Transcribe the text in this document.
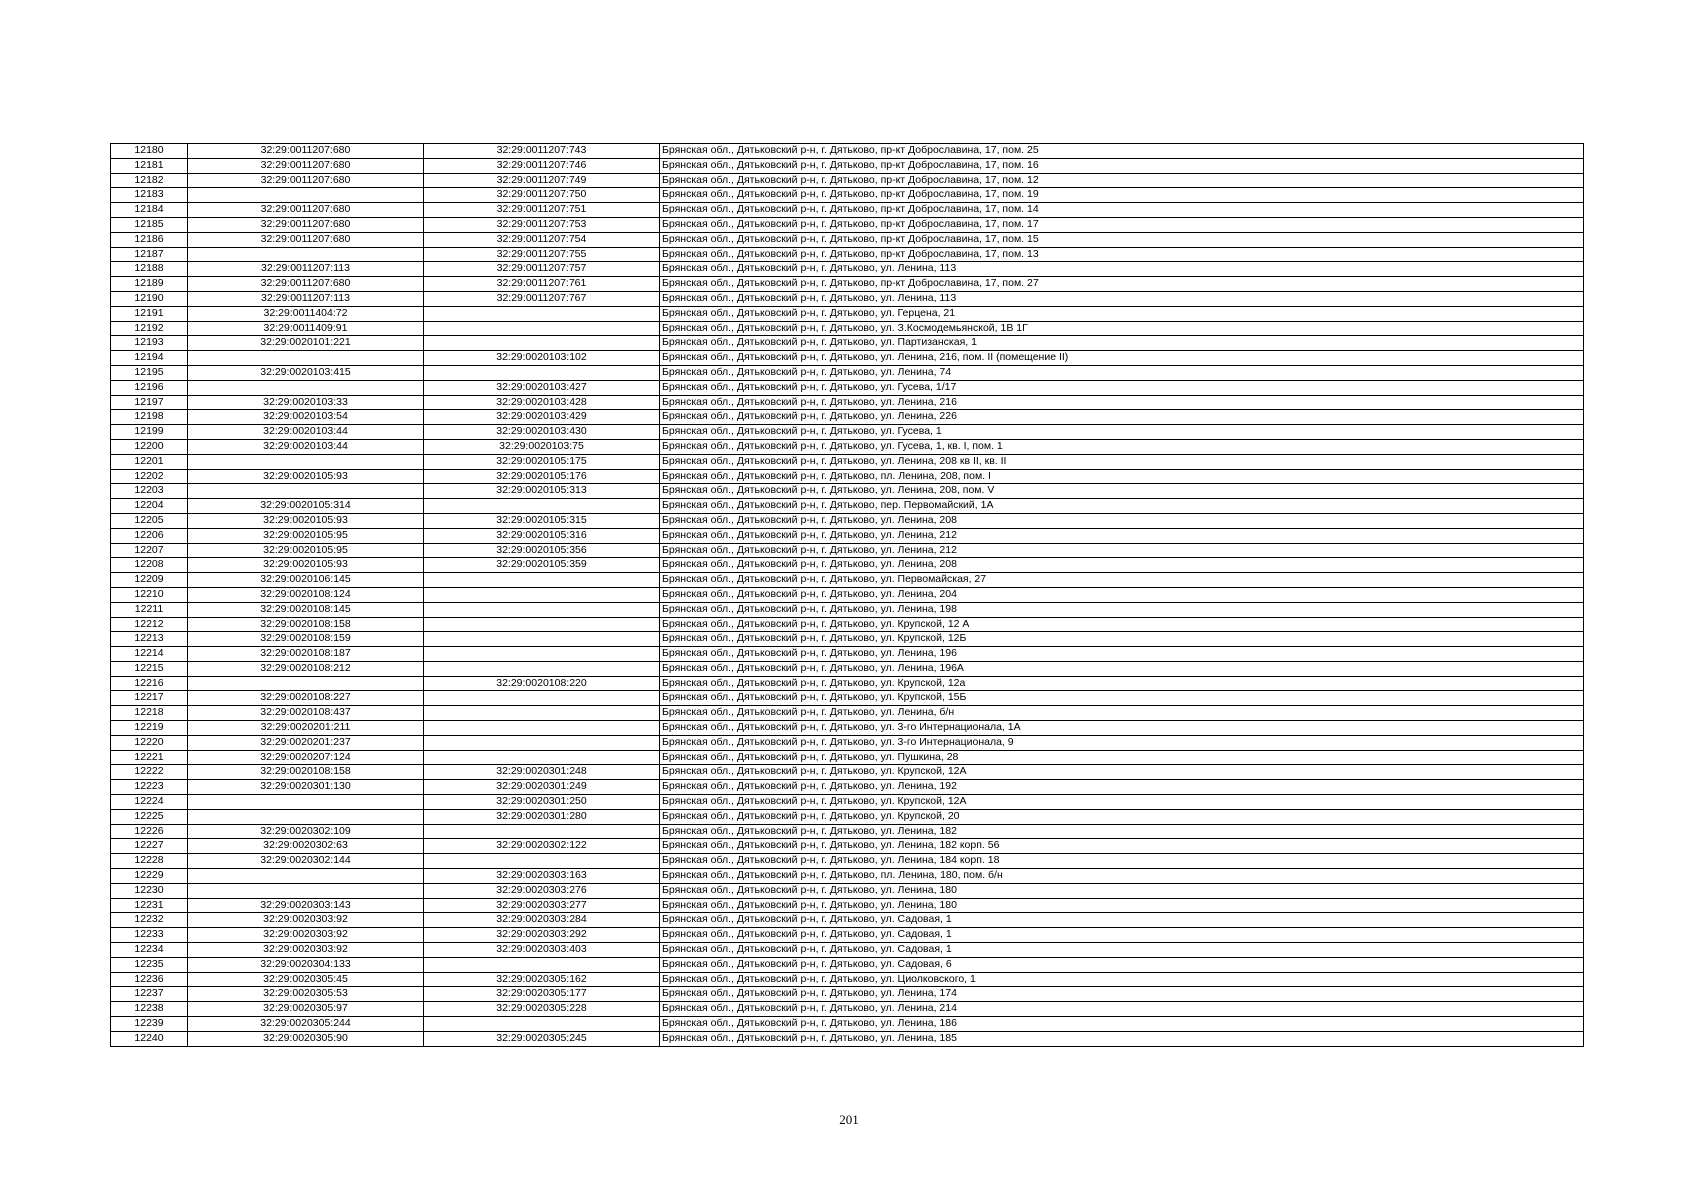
12180	32:29:0011207:680	32:29:0011207:743	Брянская обл., Дятьковский р-н, г. Дятьково, пр-кт Доброславина, 17, пом. 25
12181	32:29:0011207:680	32:29:0011207:746	Брянская обл., Дятьковский р-н, г. Дятьково, пр-кт Доброславина, 17, пом. 16
12182	32:29:0011207:680	32:29:0011207:749	Брянская обл., Дятьковский р-н, г. Дятьково, пр-кт Доброславина, 17, пом. 12
12183		32:29:0011207:750	Брянская обл., Дятьковский р-н, г. Дятьково, пр-кт Доброславина, 17, пом. 19
12184	32:29:0011207:680	32:29:0011207:751	Брянская обл., Дятьковский р-н, г. Дятьково, пр-кт Доброславина, 17, пом. 14
12185	32:29:0011207:680	32:29:0011207:753	Брянская обл., Дятьковский р-н, г. Дятьково, пр-кт Доброславина, 17, пом. 17
12186	32:29:0011207:680	32:29:0011207:754	Брянская обл., Дятьковский р-н, г. Дятьково, пр-кт Доброславина, 17, пом. 15
12187		32:29:0011207:755	Брянская обл., Дятьковский р-н, г. Дятьково, пр-кт Доброславина, 17, пом. 13
12188	32:29:0011207:113	32:29:0011207:757	Брянская обл., Дятьковский р-н, г. Дятьково, ул. Ленина, 113
12189	32:29:0011207:680	32:29:0011207:761	Брянская обл., Дятьковский р-н, г. Дятьково, пр-кт Доброславина, 17, пом. 27
12190	32:29:0011207:113	32:29:0011207:767	Брянская обл., Дятьковский р-н, г. Дятьково, ул. Ленина, 113
12191	32:29:0011404:72		Брянская обл., Дятьковский р-н, г. Дятьково, ул. Герцена, 21
12192	32:29:0011409:91		Брянская обл., Дятьковский р-н, г. Дятьково, ул. З.Космодемьянской, 1В 1Г
12193	32:29:0020101:221		Брянская обл., Дятьковский р-н, г. Дятьково, ул. Партизанская, 1
12194		32:29:0020103:102	Брянская обл., Дятьковский р-н, г. Дятьково, ул. Ленина, 216, пом. II (помещение II)
12195	32:29:0020103:415		Брянская обл., Дятьковский р-н, г. Дятьково, ул. Ленина, 74
12196		32:29:0020103:427	Брянская обл., Дятьковский р-н, г. Дятьково, ул. Гусева, 1/17
12197	32:29:0020103:33	32:29:0020103:428	Брянская обл., Дятьковский р-н, г. Дятьково, ул. Ленина, 216
12198	32:29:0020103:54	32:29:0020103:429	Брянская обл., Дятьковский р-н, г. Дятьково, ул. Ленина, 226
12199	32:29:0020103:44	32:29:0020103:430	Брянская обл., Дятьковский р-н, г. Дятьково, ул. Гусева, 1
12200	32:29:0020103:44	32:29:0020103:75	Брянская обл., Дятьковский р-н, г. Дятьково, ул. Гусева, 1, кв. I, пом. 1
12201		32:29:0020105:175	Брянская обл., Дятьковский р-н, г. Дятьково, ул. Ленина, 208 кв II, кв. II
12202	32:29:0020105:93	32:29:0020105:176	Брянская обл., Дятьковский р-н, г. Дятьково, пл. Ленина, 208, пом. I
12203		32:29:0020105:313	Брянская обл., Дятьковский р-н, г. Дятьково, ул. Ленина, 208, пом. V
12204	32:29:0020105:314		Брянская обл., Дятьковский р-н, г. Дятьково, пер. Первомайский, 1А
12205	32:29:0020105:93	32:29:0020105:315	Брянская обл., Дятьковский р-н, г. Дятьково, ул. Ленина, 208
12206	32:29:0020105:95	32:29:0020105:316	Брянская обл., Дятьковский р-н, г. Дятьково, ул. Ленина, 212
12207	32:29:0020105:95	32:29:0020105:356	Брянская обл., Дятьковский р-н, г. Дятьково, ул. Ленина, 212
12208	32:29:0020105:93	32:29:0020105:359	Брянская обл., Дятьковский р-н, г. Дятьково, ул. Ленина, 208
12209	32:29:0020106:145		Брянская обл., Дятьковский р-н, г. Дятьково, ул. Первомайская, 27
12210	32:29:0020108:124		Брянская обл., Дятьковский р-н, г. Дятьково, ул. Ленина, 204
12211	32:29:0020108:145		Брянская обл., Дятьковский р-н, г. Дятьково, ул. Ленина, 198
12212	32:29:0020108:158		Брянская обл., Дятьковский р-н, г. Дятьково, ул. Крупской, 12 А
12213	32:29:0020108:159		Брянская обл., Дятьковский р-н, г. Дятьково, ул. Крупской, 12Б
12214	32:29:0020108:187		Брянская обл., Дятьковский р-н, г. Дятьково, ул. Ленина, 196
12215	32:29:0020108:212		Брянская обл., Дятьковский р-н, г. Дятьково, ул. Ленина, 196А
12216		32:29:0020108:220	Брянская обл., Дятьковский р-н, г. Дятьково, ул. Крупской, 12а
12217	32:29:0020108:227		Брянская обл., Дятьковский р-н, г. Дятьково, ул. Крупской, 15Б
12218	32:29:0020108:437		Брянская обл., Дятьковский р-н, г. Дятьково, ул. Ленина, б/н
12219	32:29:0020201:211		Брянская обл., Дятьковский р-н, г. Дятьково, ул. 3-го Интернационала, 1А
12220	32:29:0020201:237		Брянская обл., Дятьковский р-н, г. Дятьково, ул. 3-го Интернационала, 9
12221	32:29:0020207:124		Брянская обл., Дятьковский р-н, г. Дятьково, ул. Пушкина, 28
12222	32:29:0020108:158	32:29:0020301:248	Брянская обл., Дятьковский р-н, г. Дятьково, ул. Крупской, 12А
12223	32:29:0020301:130	32:29:0020301:249	Брянская обл., Дятьковский р-н, г. Дятьково, ул. Ленина, 192
12224		32:29:0020301:250	Брянская обл., Дятьковский р-н, г. Дятьково, ул. Крупской, 12А
12225		32:29:0020301:280	Брянская обл., Дятьковский р-н, г. Дятьково, ул. Крупской, 20
12226	32:29:0020302:109		Брянская обл., Дятьковский р-н, г. Дятьково, ул. Ленина, 182
12227	32:29:0020302:63	32:29:0020302:122	Брянская обл., Дятьковский р-н, г. Дятьково, ул. Ленина, 182 корп. 56
12228	32:29:0020302:144		Брянская обл., Дятьковский р-н, г. Дятьково, ул. Ленина, 184 корп. 18
12229		32:29:0020303:163	Брянская обл., Дятьковский р-н, г. Дятьково, пл. Ленина, 180, пом. б/н
12230		32:29:0020303:276	Брянская обл., Дятьковский р-н, г. Дятьково, ул. Ленина, 180
12231	32:29:0020303:143	32:29:0020303:277	Брянская обл., Дятьковский р-н, г. Дятьково, ул. Ленина, 180
12232	32:29:0020303:92	32:29:0020303:284	Брянская обл., Дятьковский р-н, г. Дятьково, ул. Садовая, 1
12233	32:29:0020303:92	32:29:0020303:292	Брянская обл., Дятьковский р-н, г. Дятьково, ул. Садовая, 1
12234	32:29:0020303:92	32:29:0020303:403	Брянская обл., Дятьковский р-н, г. Дятьково, ул. Садовая, 1
12235	32:29:0020304:133		Брянская обл., Дятьковский р-н, г. Дятьково, ул. Садовая, 6
12236	32:29:0020305:45	32:29:0020305:162	Брянская обл., Дятьковский р-н, г. Дятьково, ул. Циолковского, 1
12237	32:29:0020305:53	32:29:0020305:177	Брянская обл., Дятьковский р-н, г. Дятьково, ул. Ленина, 174
12238	32:29:0020305:97	32:29:0020305:228	Брянская обл., Дятьковский р-н, г. Дятьково, ул. Ленина, 214
12239	32:29:0020305:244		Брянская обл., Дятьковский р-н, г. Дятьково, ул. Ленина, 186
12240	32:29:0020305:90	32:29:0020305:245	Брянская обл., Дятьковский р-н, г. Дятьково, ул. Ленина, 185
201
